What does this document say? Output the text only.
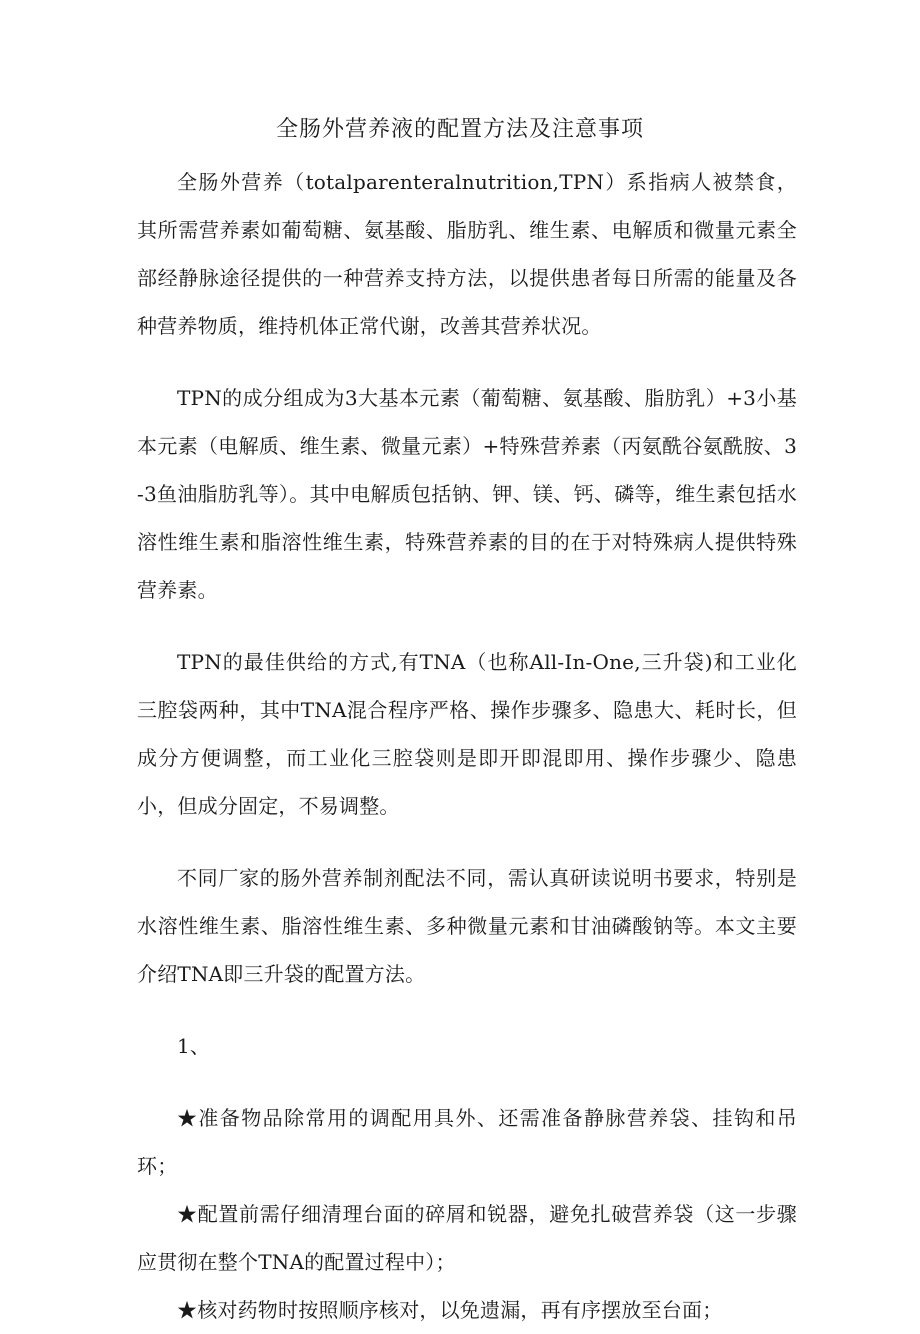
全肠外营养液的配置方法及注意事项

全肠外营养（totalparenteralnutrition,TPN）系指病人被禁食，其所需营养素如葡萄糖、氨基酸、脂肪乳、维生素、电解质和微量元素全部经静脉途径提供的一种营养支持方法，以提供患者每日所需的能量及各种营养物质，维持机体正常代谢，改善其营养状况。

TPN的成分组成为3大基本元素（葡萄糖、氨基酸、脂肪乳）+3小基本元素（电解质、维生素、微量元素）+特殊营养素（丙氨酰谷氨酰胺、3-3鱼油脂肪乳等）。其中电解质包括钠、钾、镁、钙、磷等，维生素包括水溶性维生素和脂溶性维生素，特殊营养素的目的在于对特殊病人提供特殊营养素。

TPN的最佳供给的方式,有TNA（也称All-In-One,三升袋)和工业化三腔袋两种，其中TNA混合程序严格、操作步骤多、隐患大、耗时长，但成分方便调整，而工业化三腔袋则是即开即混即用、操作步骤少、隐患小，但成分固定，不易调整。

不同厂家的肠外营养制剂配法不同，需认真研读说明书要求，特别是水溶性维生素、脂溶性维生素、多种微量元素和甘油磷酸钠等。本文主要介绍TNA即三升袋的配置方法。

1、

★准备物品除常用的调配用具外、还需准备静脉营养袋、挂钩和吊环；

★配置前需仔细清理台面的碎屑和锐器，避免扎破营养袋（这一步骤应贯彻在整个TNA的配置过程中）；

★核对药物时按照顺序核对，以免遗漏，再有序摆放至台面；
